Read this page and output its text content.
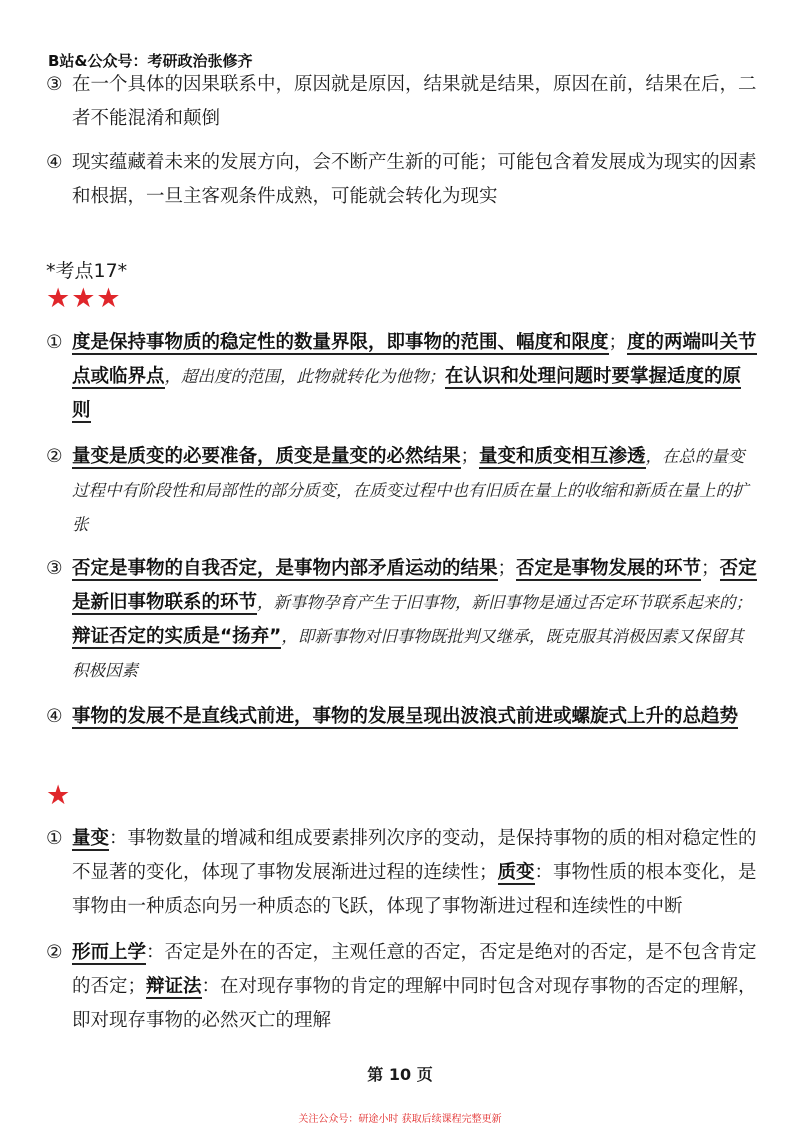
B站&公众号：考研政治张修齐
③ 在一个具体的因果联系中，原因就是原因，结果就是结果，原因在前，结果在后，二者不能混淆和颠倒
④ 现实蕴藏着未来的发展方向，会不断产生新的可能；可能包含着发展成为现实的因素和根据，一旦主客观条件成熟，可能就会转化为现实
*考点17*
★★★
① 度是保持事物质的稳定性的数量界限，即事物的范围、幅度和限度；度的两端叫关节点或临界点，超出度的范围，此物就转化为他物；在认识和处理问题时要掌握适度的原则
② 量变是质变的必要准备，质变是量变的必然结果；量变和质变相互渗透，在总的量变过程中有阶段性和局部性的部分质变，在质变过程中也有旧质在量上的收缩和新质在量上的扩张
③ 否定是事物的自我否定，是事物内部矛盾运动的结果；否定是事物发展的环节；否定是新旧事物联系的环节，新事物孕育产生于旧事物，新旧事物是通过否定环节联系起来的；辩证否定的实质是“扬弃”，即新事物对旧事物既批判又继承，既克服其消极因素又保留其积极因素
④ 事物的发展不是直线式前进，事物的发展呈现出波浪式前进或螺旋式上升的总趋势
★
① 量变：事物数量的增减和组成要素排列次序的变动，是保持事物的质的相对稳定性的不显著的变化，体现了事物发展渐进过程的连续性；质变：事物性质的根本变化，是事物由一种质态向另一种质态的飞跃，体现了事物渐进过程和连续性的中断
② 形而上学：否定是外在的否定，主观任意的否定，否定是绝对的否定，是不包含肯定的否定；辩证法：在对现存事物的肯定的理解中同时包含对现存事物的否定的理解，即对现存事物的必然灭亡的理解
第 10 页
关注公众号：研途小时 获取后续课程完整更新
